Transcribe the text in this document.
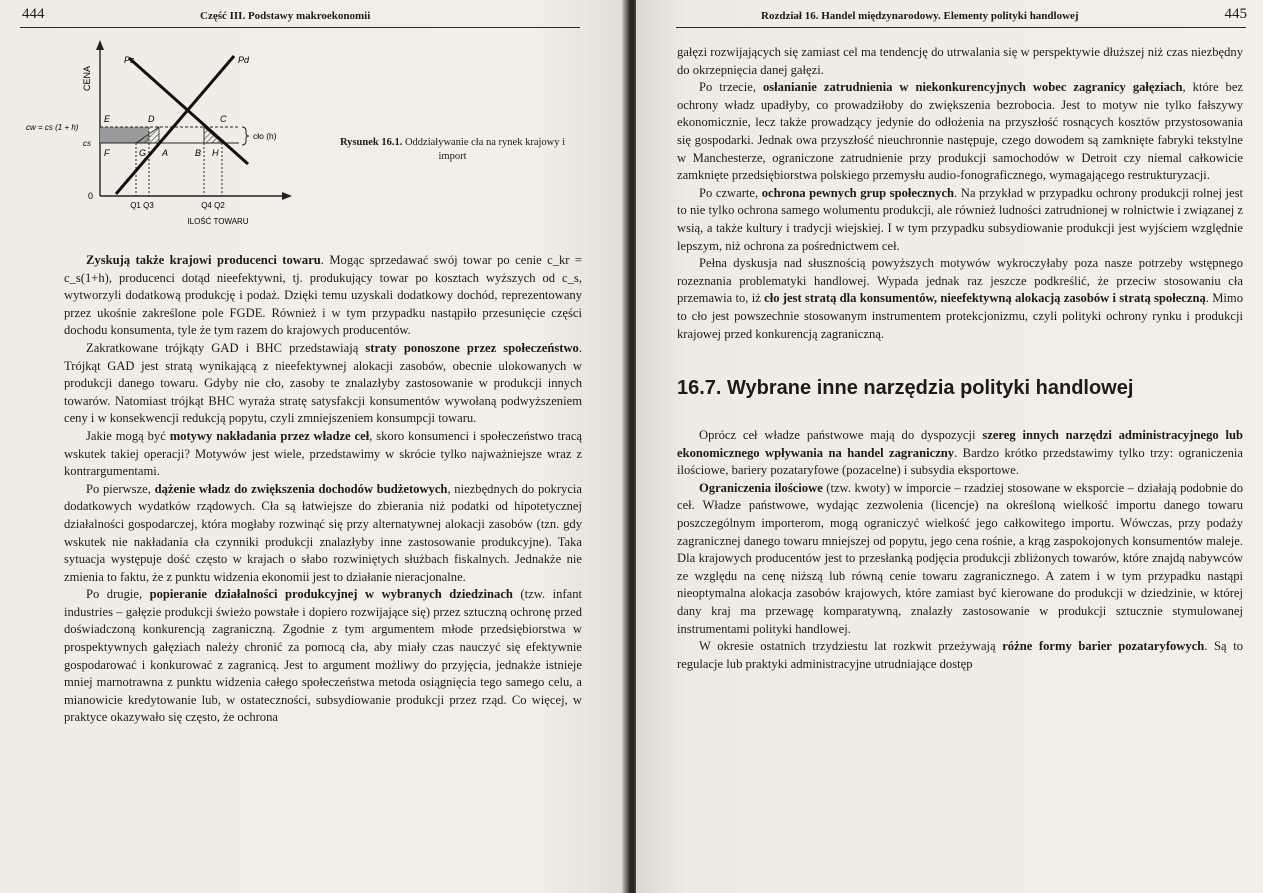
444	Część III. Podstawy makroekonomii
CENA
ILOŚĆ TOWARU
0
cło (h)
Ps	Pd
cw = cs (1 + h)
cs
E	D	C
F	G A	B H
Q1 Q3	Q4 Q2
Rysunek 16.1. Oddziaływanie cła na rynek krajowy i import

Zyskują także krajowi producenci towaru. Mogąc sprzedawać swój towar po cenie c_kr = c_s(1+h), producenci dotąd nieefektywni, tj. produkujący towar po kosztach wyższych od c_s, wytworzyli dodatkową produkcję i podaż. Dzięki temu uzyskali dodatkowy dochód, reprezentowany przez ukośnie zakreślone pole FGDE. Również i w tym przypadku nastąpiło przesunięcie części dochodu konsumenta, tyle że tym razem do krajowych producentów.

Zakratkowane trójkąty GAD i BHC przedstawiają straty ponoszone przez społeczeństwo. Trójkąt GAD jest stratą wynikającą z nieefektywnej alokacji zasobów, obecnie ulokowanych w produkcji danego towaru. Gdyby nie cło, zasoby te znalazłyby zastosowanie w produkcji innych towarów. Natomiast trójkąt BHC wyraża stratę satysfakcji konsumentów wywołaną podwyższeniem ceny i w konsekwencji redukcją popytu, czyli zmniejszeniem konsumpcji towaru.

Jakie mogą być motywy nakładania przez władze ceł, skoro konsumenci i społeczeństwo tracą wskutek takiej operacji? Motywów jest wiele, przedstawimy w skrócie tylko najważniejsze wraz z kontrargumentami.

Po pierwsze, dążenie władz do zwiększenia dochodów budżetowych, niezbędnych do pokrycia dodatkowych wydatków rządowych. Cła są łatwiejsze do zbierania niż podatki od hipotetycznej działalności gospodarczej, która mogłaby rozwinąć się przy alternatywnej alokacji zasobów (tzn. gdy wskutek nie nakładania cła czynniki produkcji znalazłyby inne zastosowanie produkcyjne). Taka sytuacja występuje dość często w krajach o słabo rozwiniętych służbach fiskalnych. Jednakże nie zmienia to faktu, że z punktu widzenia ekonomii jest to działanie nieracjonalne.

Po drugie, popieranie działalności produkcyjnej w wybranych dziedzinach (tzw. infant industries – gałęzie produkcji świeżo powstałe i dopiero rozwijające się) przez sztuczną ochronę przed doświadczoną konkurencją zagraniczną. Zgodnie z tym argumentem młode przedsiębiorstwa w prospektywnych gałęziach należy chronić za pomocą cła, aby miały czas nauczyć się efektywnie gospodarować i konkurować z zagranicą. Jest to argument możliwy do przyjęcia, jednakże istnieje mniej marnotrawna z punktu widzenia całego społeczeństwa metoda osiągnięcia tego samego celu, a mianowicie kredytowanie lub, w ostateczności, subsydiowanie produkcji przez rząd. Co więcej, w praktyce okazywało się często, że ochrona

Rozdział 16. Handel międzynarodowy. Elementy polityki handlowej	445

gałęzi rozwijających się zamiast cel ma tendencję do utrwalania się w perspektywie dłuższej niż czas niezbędny do okrzepnięcia danej gałęzi.

Po trzecie, osłanianie zatrudnienia w niekonkurencyjnych wobec zagranicy gałęziach, które bez ochrony władz upadłyby, co prowadziłoby do zwiększenia bezrobocia. Jest to motyw nie tylko fałszywy ekonomicznie, lecz także prowadzący jedynie do odłożenia na przyszłość rosnących kosztów przystosowania się gospodarki. Jednak owa przyszłość nieuchronnie następuje, czego dowodem są zamknięte fabryki tekstylne w Manchesterze, ograniczone zatrudnienie przy produkcji samochodów w Detroit czy niemal całkowicie zamknięte przedsiębiorstwa polskiego przemysłu audio-fonograficznego, wymagającego restrukturyzacji.

Po czwarte, ochrona pewnych grup społecznych. Na przykład w przypadku ochrony produkcji rolnej jest to nie tylko ochrona samego wolumentu produkcji, ale również ludności zatrudnionej w rolnictwie i związanej z wsią, a także kultury i tradycji wiejskiej. I w tym przypadku subsydiowanie produkcji jest wyjściem względnie lepszym, niż ochrona za pośrednictwem ceł.

Pełna dyskusja nad słusznością powyższych motywów wykroczyłaby poza nasze potrzeby wstępnego rozeznania problematyki handlowej. Wypada jednak raz jeszcze podkreślić, że przeciw stosowaniu cła przemawia to, iż cło jest stratą dla konsumentów, nieefektywną alokacją zasobów i stratą społeczną. Mimo to cło jest powszechnie stosowanym instrumentem protekcjonizmu, czyli polityki ochrony rynku i produkcji krajowej przed konkurencją zagraniczną.

16.7. Wybrane inne narzędzia polityki handlowej

Oprócz ceł władze państwowe mają do dyspozycji szereg innych narzędzi administracyjnego lub ekonomicznego wpływania na handel zagraniczny. Bardzo krótko przedstawimy tylko trzy: ograniczenia ilościowe, bariery pozataryfowe (pozacelne) i subsydia eksportowe.

Ograniczenia ilościowe (tzw. kwoty) w imporcie – rzadziej stosowane w eksporcie – działają podobnie do ceł. Władze państwowe, wydając zezwolenia (licencje) na określoną wielkość importu danego towaru poszczególnym importerom, mogą ograniczyć wielkość jego całkowitego importu. Wówczas, przy podaży zagranicznej danego towaru mniejszej od popytu, jego cena rośnie, a krąg zaspokojonych konsumentów maleje. Dla krajowych producentów jest to przesłanką podjęcia produkcji zbliżonych towarów, które znajdą nabywców ze względu na cenę niższą lub równą cenie towaru zagranicznego. A zatem i w tym przypadku nastąpi nieoptymalna alokacja zasobów krajowych, które zamiast być kierowane do produkcji w dziedzinie, w której dany kraj ma przewagę komparatywną, znalazły zastosowanie w produkcji sztucznie stymulowanej instrumentami polityki handlowej.

W okresie ostatnich trzydziestu lat rozkwit przeżywają różne formy barier pozataryfowych. Są to regulacje lub praktyki administracyjne utrudniające dostęp
